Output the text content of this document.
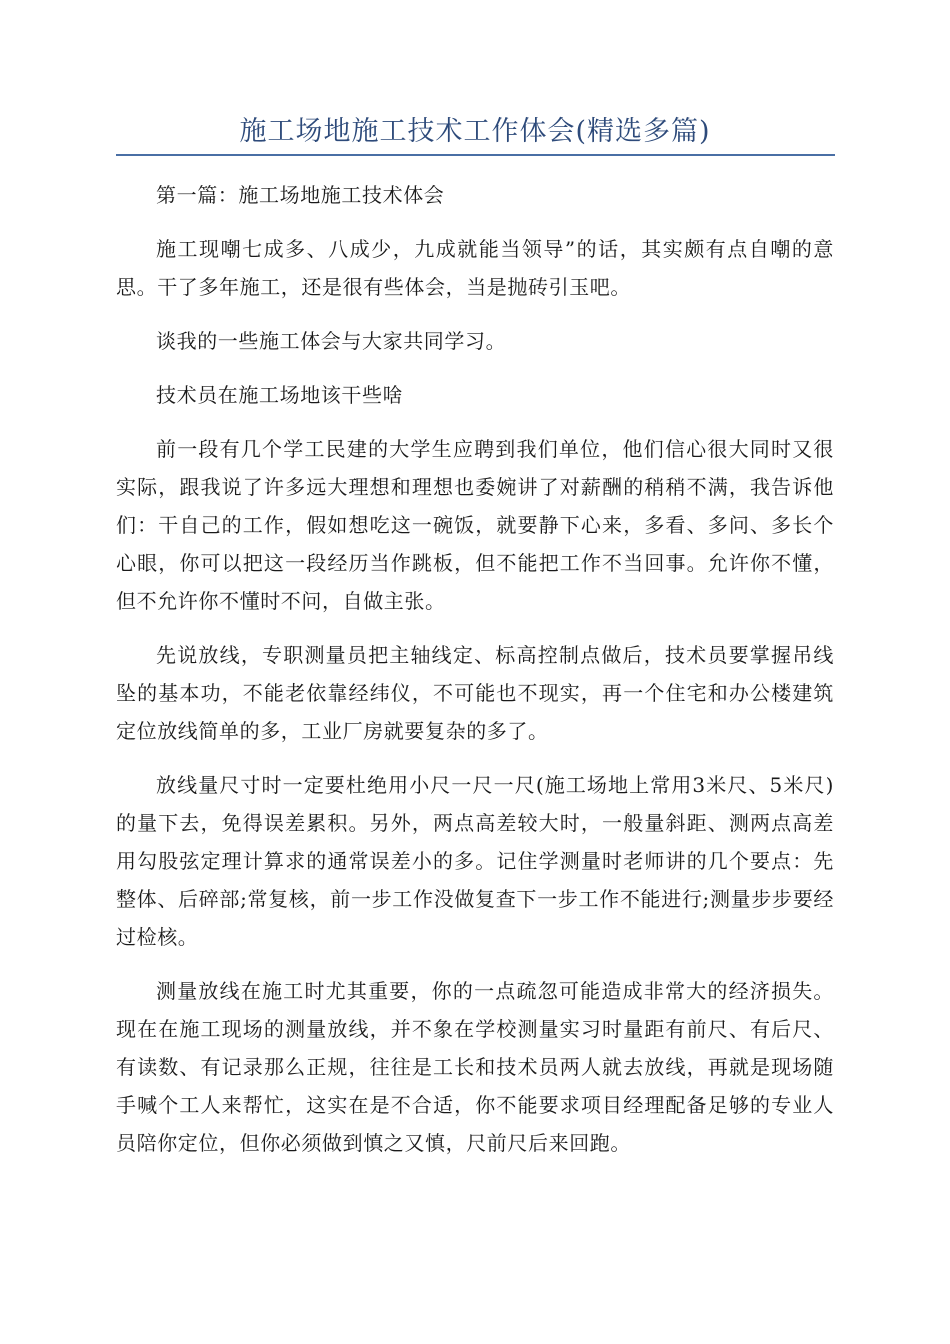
施工场地施工技术工作体会(精选多篇)

第一篇：施工场地施工技术体会

施工现嘲七成多、八成少，九成就能当领导”的话，其实颇有点自嘲的意思。干了多年施工，还是很有些体会，当是抛砖引玉吧。

谈我的一些施工体会与大家共同学习。

技术员在施工场地该干些啥

前一段有几个学工民建的大学生应聘到我们单位，他们信心很大同时又很实际，跟我说了许多远大理想和理想也委婉讲了对薪酬的稍稍不满，我告诉他们：干自己的工作，假如想吃这一碗饭，就要静下心来，多看、多问、多长个心眼，你可以把这一段经历当作跳板，但不能把工作不当回事。允许你不懂，但不允许你不懂时不问，自做主张。

先说放线，专职测量员把主轴线定、标高控制点做后，技术员要掌握吊线坠的基本功，不能老依靠经纬仪，不可能也不现实，再一个住宅和办公楼建筑定位放线简单的多，工业厂房就要复杂的多了。

放线量尺寸时一定要杜绝用小尺一尺一尺(施工场地上常用3米尺、5米尺)的量下去，免得误差累积。另外，两点高差较大时，一般量斜距、测两点高差用勾股弦定理计算求的通常误差小的多。记住学测量时老师讲的几个要点：先整体、后碎部;常复核，前一步工作没做复查下一步工作不能进行;测量步步要经过检核。

测量放线在施工时尤其重要，你的一点疏忽可能造成非常大的经济损失。现在在施工现场的测量放线，并不象在学校测量实习时量距有前尺、有后尺、有读数、有记录那么正规，往往是工长和技术员两人就去放线，再就是现场随手喊个工人来帮忙，这实在是不合适，你不能要求项目经理配备足够的专业人员陪你定位，但你必须做到慎之又慎，尺前尺后来回跑。
